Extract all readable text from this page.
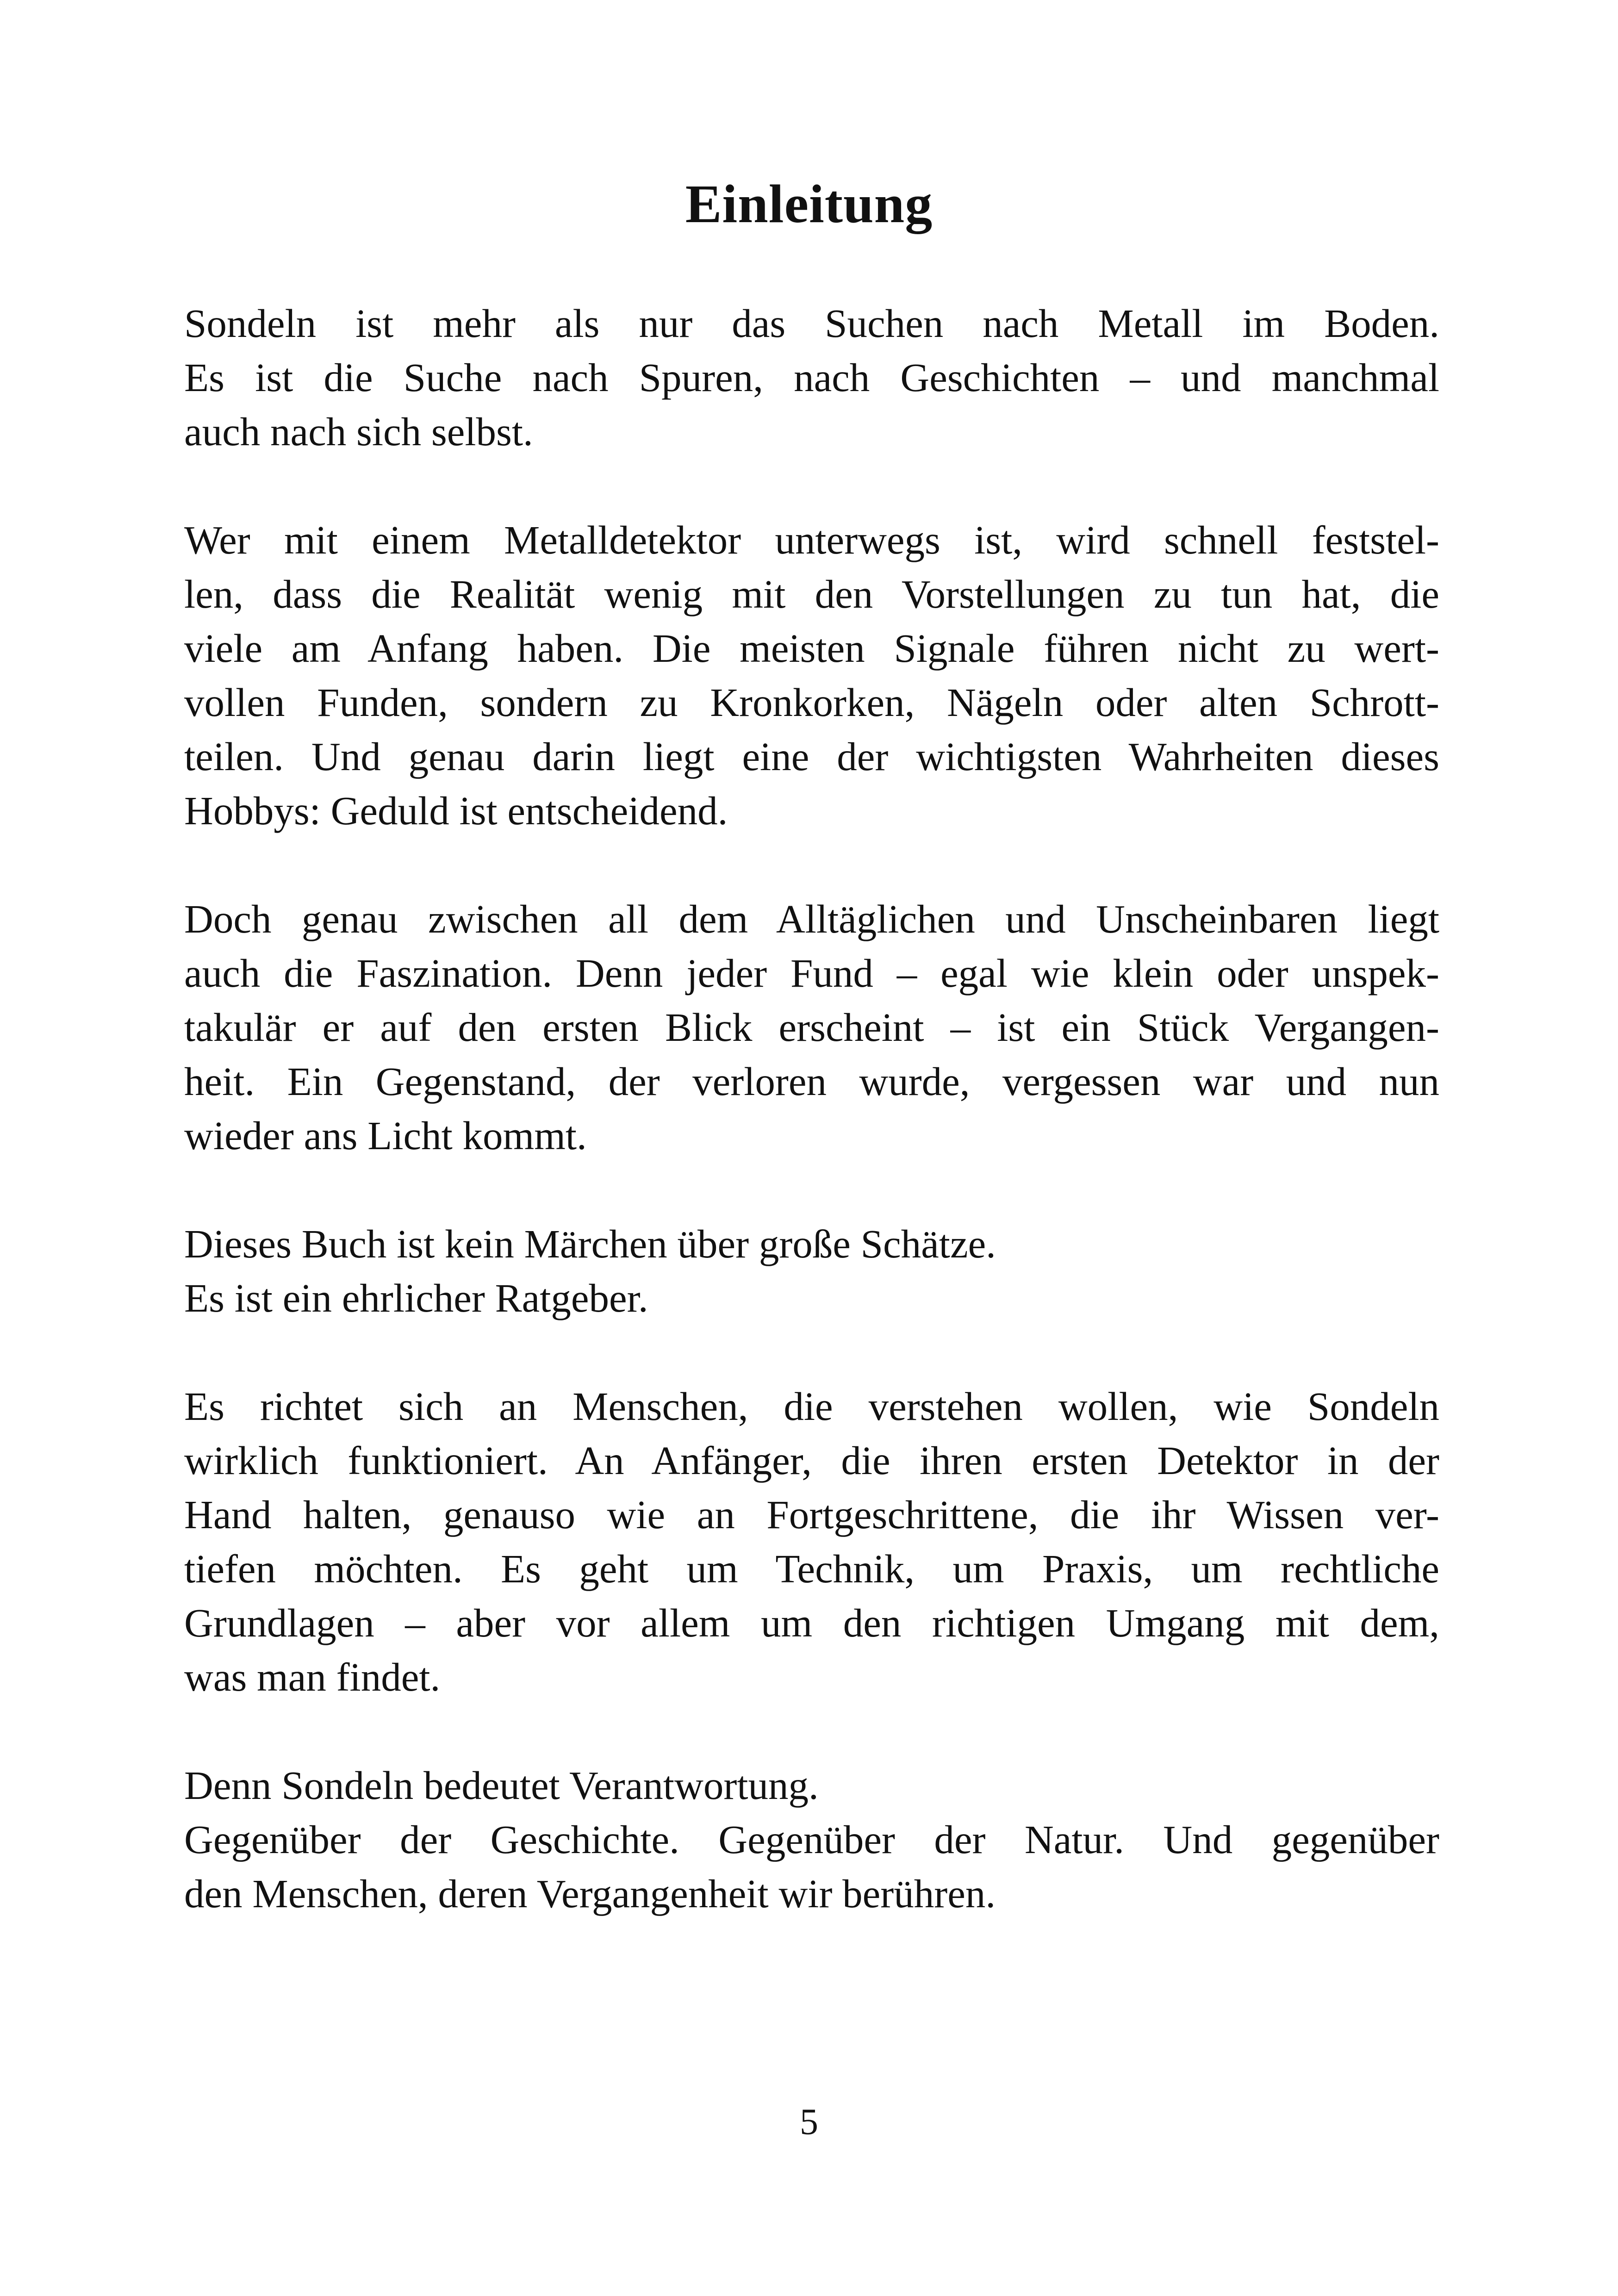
Einleitung
Sondeln ist mehr als nur das Suchen nach Metall im Boden.
Es ist die Suche nach Spuren, nach Geschichten – und manchmal
auch nach sich selbst.
Wer mit einem Metalldetektor unterwegs ist, wird schnell feststel-
len, dass die Realität wenig mit den Vorstellungen zu tun hat, die
viele am Anfang haben. Die meisten Signale führen nicht zu wert-
vollen Funden, sondern zu Kronkorken, Nägeln oder alten Schrott-
teilen. Und genau darin liegt eine der wichtigsten Wahrheiten dieses
Hobbys: Geduld ist entscheidend.
Doch genau zwischen all dem Alltäglichen und Unscheinbaren liegt
auch die Faszination. Denn jeder Fund – egal wie klein oder unspek-
takulär er auf den ersten Blick erscheint – ist ein Stück Vergangen-
heit. Ein Gegenstand, der verloren wurde, vergessen war und nun
wieder ans Licht kommt.
Dieses Buch ist kein Märchen über große Schätze.
Es ist ein ehrlicher Ratgeber.
Es richtet sich an Menschen, die verstehen wollen, wie Sondeln
wirklich funktioniert. An Anfänger, die ihren ersten Detektor in der
Hand halten, genauso wie an Fortgeschrittene, die ihr Wissen ver-
tiefen möchten. Es geht um Technik, um Praxis, um rechtliche
Grundlagen – aber vor allem um den richtigen Umgang mit dem,
was man findet.
Denn Sondeln bedeutet Verantwortung.
Gegenüber der Geschichte. Gegenüber der Natur. Und gegenüber
den Menschen, deren Vergangenheit wir berühren.
5
